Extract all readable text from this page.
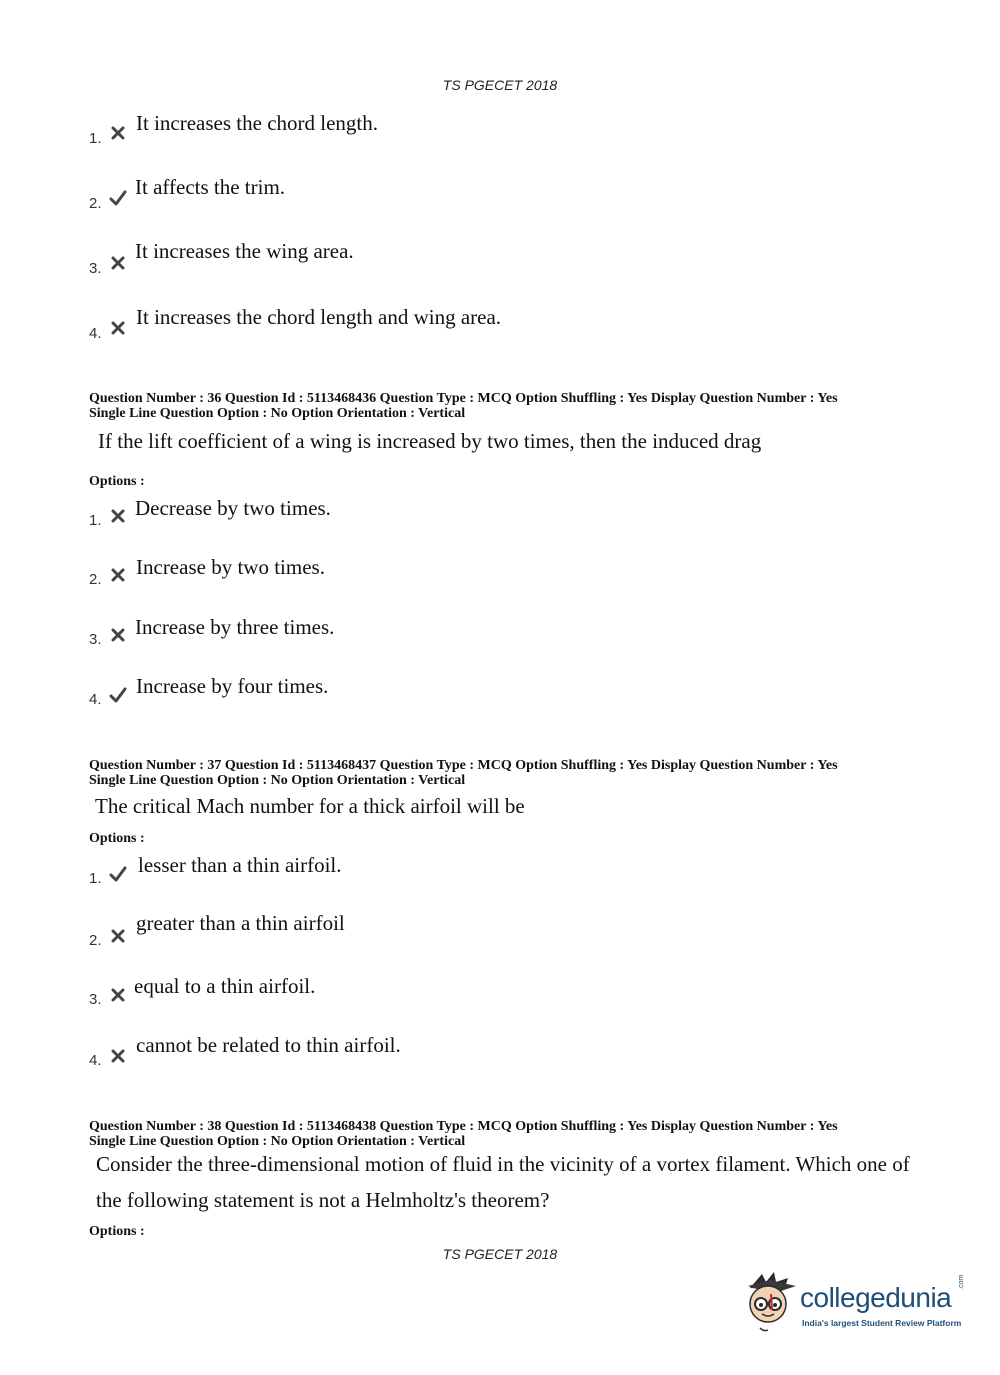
TS PGECET 2018
1.
It increases the chord length.
2.
It affects the trim.
3.
It increases the wing area.
4.
It increases the chord length and wing area.
Question Number : 36 Question Id : 5113468436 Question Type : MCQ Option Shuffling : Yes Display Question Number : Yes
Single Line Question Option : No Option Orientation : Vertical
If the lift coefficient of a wing is increased by two times, then the induced drag
Options :
1.
Decrease by two times.
2.
Increase by two times.
3.
Increase by three times.
4.
Increase by four times.
Question Number : 37 Question Id : 5113468437 Question Type : MCQ Option Shuffling : Yes Display Question Number : Yes
Single Line Question Option : No Option Orientation : Vertical
The critical Mach number for a thick airfoil will be
Options :
1.
lesser than a thin airfoil.
2.
greater than a thin airfoil
3.
equal to a thin airfoil.
4.
cannot be related to thin airfoil.
Question Number : 38 Question Id : 5113468438 Question Type : MCQ Option Shuffling : Yes Display Question Number : Yes
Single Line Question Option : No Option Orientation : Vertical
Consider the three-dimensional motion of fluid in the vicinity of a vortex filament. Which one of
the following statement is not a Helmholtz's theorem?
Options :
TS PGECET 2018
collegedunia .com
India's largest Student Review Platform
